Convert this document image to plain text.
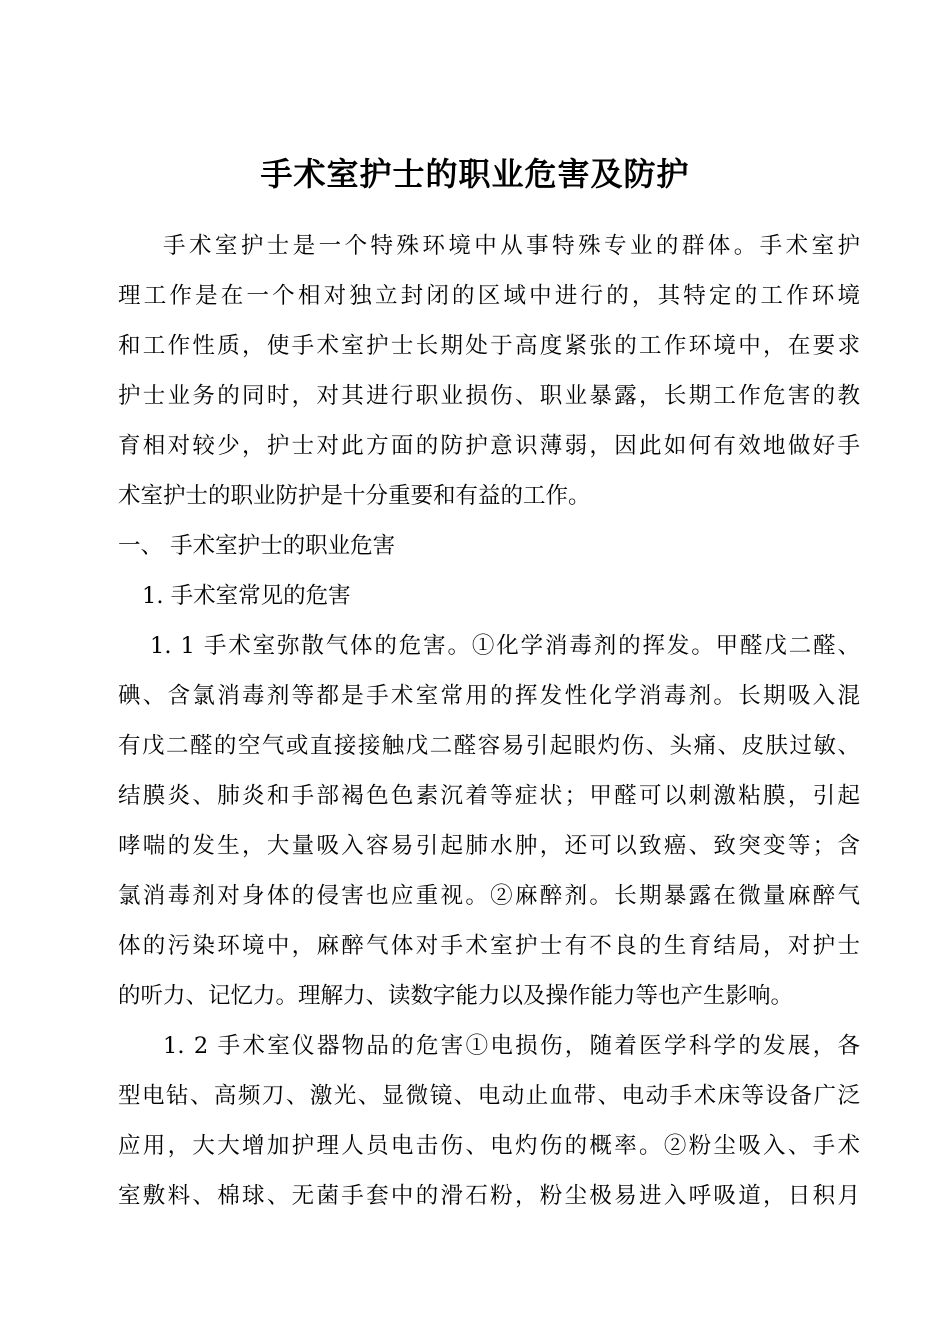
手术室护士的职业危害及防护
手术室护士是一个特殊环境中从事特殊专业的群体。手术室护
理工作是在一个相对独立封闭的区域中进行的，其特定的工作环境
和工作性质，使手术室护士长期处于高度紧张的工作环境中，在要求
护士业务的同时，对其进行职业损伤、职业暴露，长期工作危害的教
育相对较少，护士对此方面的防护意识薄弱，因此如何有效地做好手
术室护士的职业防护是十分重要和有益的工作。
一、 手术室护士的职业危害
1. 手术室常见的危害
1. 1 手术室弥散气体的危害。①化学消毒剂的挥发。甲醛戊二醛、
碘、含氯消毒剂等都是手术室常用的挥发性化学消毒剂。长期吸入混
有戊二醛的空气或直接接触戊二醛容易引起眼灼伤、头痛、皮肤过敏、
结膜炎、肺炎和手部褐色色素沉着等症状；甲醛可以刺激粘膜，引起
哮喘的发生，大量吸入容易引起肺水肿，还可以致癌、致突变等；含
氯消毒剂对身体的侵害也应重视。②麻醉剂。长期暴露在微量麻醉气
体的污染环境中，麻醉气体对手术室护士有不良的生育结局，对护士
的听力、记忆力。理解力、读数字能力以及操作能力等也产生影响。
1. 2 手术室仪器物品的危害①电损伤，随着医学科学的发展，各
型电钻、高频刀、激光、显微镜、电动止血带、电动手术床等设备广泛
应用，大大增加护理人员电击伤、电灼伤的概率。②粉尘吸入、手术
室敷料、棉球、无菌手套中的滑石粉，粉尘极易进入呼吸道，日积月
